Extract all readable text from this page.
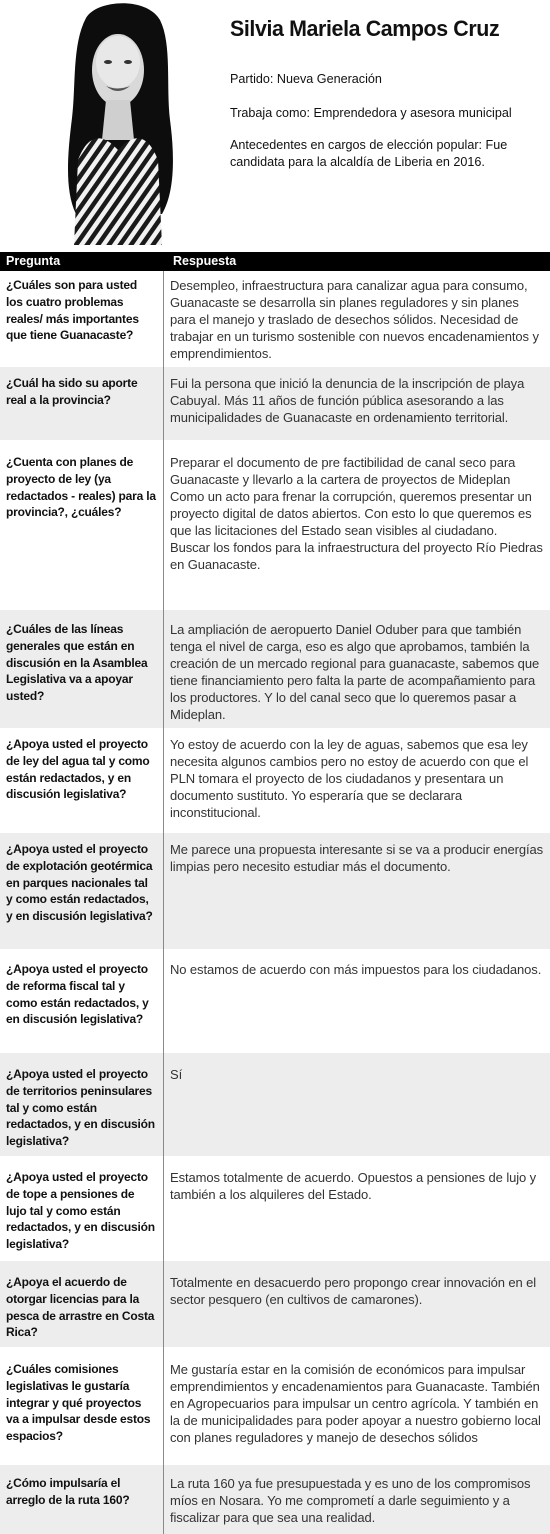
Silvia Mariela Campos Cruz
Partido: Nueva Generación
Trabaja como: Emprendedora y asesora municipal
Antecedentes en cargos de elección popular: Fue candidata para la alcaldía de Liberia en 2016.
Pregunta	Respuesta
¿Cuáles son para usted los cuatro problemas reales/ más importantes que tiene Guanacaste?
Desempleo, infraestructura para canalizar agua para consumo, Guanacaste se desarrolla sin planes reguladores y sin planes para el manejo y traslado de desechos sólidos. Necesidad de trabajar en un turismo sostenible con nuevos encadenamientos y emprendimientos.
¿Cuál ha sido su aporte real a la provincia?
Fui la persona que inició la denuncia de la inscripción de playa Cabuyal. Más 11 años de función pública asesorando a las municipalidades de Guanacaste en ordenamiento territorial.
¿Cuenta con planes de proyecto de ley (ya redactados - reales) para la provincia?, ¿cuáles?
Preparar el documento de pre factibilidad de canal seco para Guanacaste y llevarlo a la cartera de proyectos de Mideplan
Como un acto para frenar la corrupción, queremos presentar un proyecto digital de datos abiertos. Con esto lo que queremos es que las licitaciones del Estado sean visibles al ciudadano.
Buscar los fondos para la infraestructura del proyecto Río Piedras en Guanacaste.
¿Cuáles de las líneas generales que están en discusión en la Asamblea Legislativa va a apoyar usted?
La ampliación de aeropuerto Daniel Oduber para que también tenga el nivel de carga, eso es algo que aprobamos, también la creación de un mercado regional para guanacaste, sabemos que tiene financiamiento pero falta la parte de acompañamiento para los productores. Y lo del canal seco que lo queremos pasar a Mideplan.
¿Apoya usted el proyecto de ley del agua tal y como están redactados, y en discusión legislativa?
Yo estoy de acuerdo con la ley de aguas, sabemos que esa ley necesita algunos cambios pero no estoy de acuerdo con que el PLN tomara el proyecto de los ciudadanos y presentara un documento sustituto. Yo esperaría que se declarara inconstitucional.
¿Apoya usted el proyecto de explotación geotérmica en parques nacionales tal y como están redactados, y en discusión legislativa?
Me parece una propuesta interesante si se va a producir energías limpias pero necesito estudiar más el documento.
¿Apoya usted el proyecto de reforma fiscal tal y como están redactados, y en discusión legislativa?
No estamos de acuerdo con más impuestos para los ciudadanos.
¿Apoya usted el proyecto de territorios peninsulares tal y como están redactados, y en discusión legislativa?
Sí
¿Apoya usted el proyecto de tope a pensiones de lujo tal y como están redactados, y en discusión legislativa?
Estamos totalmente de acuerdo. Opuestos a pensiones de lujo y también a los alquileres del Estado.
¿Apoya el acuerdo de otorgar licencias para la pesca de arrastre en Costa Rica?
Totalmente en desacuerdo pero propongo crear innovación en el sector pesquero (en cultivos de camarones).
¿Cuáles comisiones legislativas le gustaría integrar y qué proyectos va a impulsar desde estos espacios?
Me gustaría estar en la comisión de económicos para impulsar emprendimientos y encadenamientos para Guanacaste. También en Agropecuarios para impulsar un centro agrícola. Y también en la de municipalidades para poder apoyar a nuestro gobierno local con planes reguladores y manejo de desechos sólidos
¿Cómo impulsaría el arreglo de la ruta 160?
La ruta 160 ya fue presupuestada y es uno de los compromisos míos en Nosara. Yo me comprometí a darle seguimiento y a fiscalizar para que sea una realidad.
